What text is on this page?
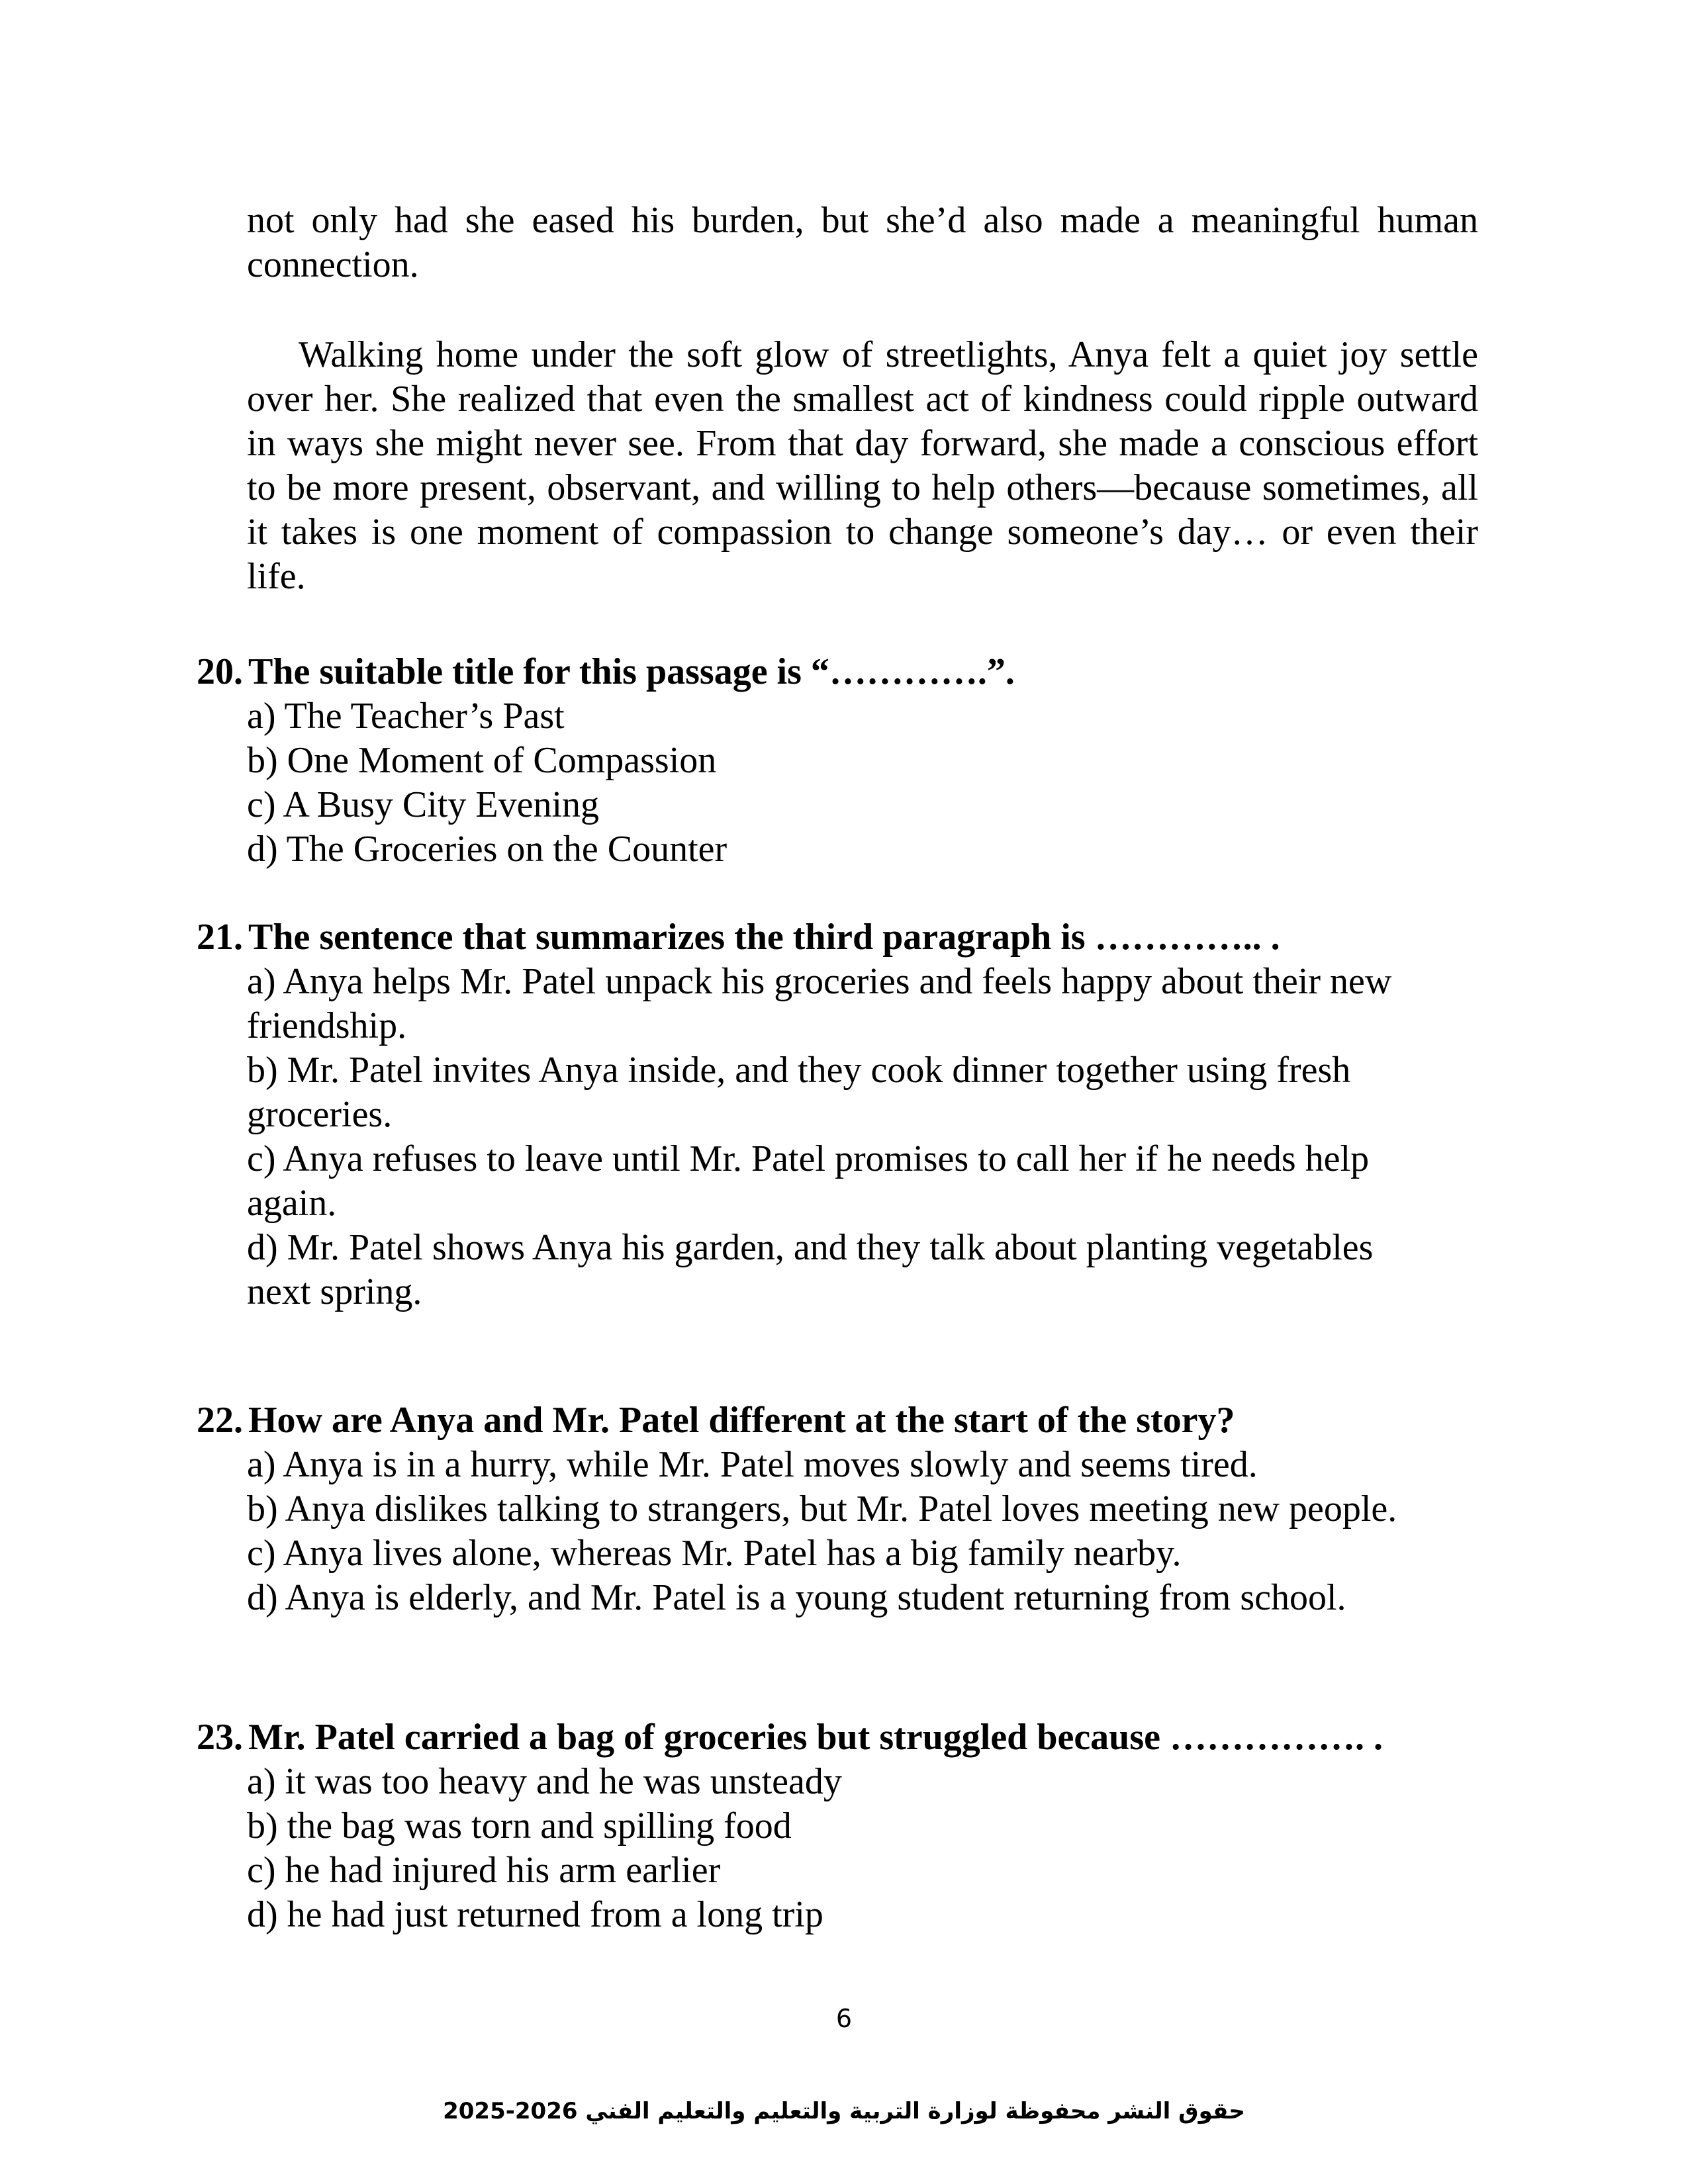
not only had she eased his burden, but she’d also made a meaningful human connection.

Walking home under the soft glow of streetlights, Anya felt a quiet joy settle over her. She realized that even the smallest act of kindness could ripple outward in ways she might never see. From that day forward, she made a conscious effort to be more present, observant, and willing to help others—because sometimes, all it takes is one moment of compassion to change someone’s day… or even their life.

20. The suitable title for this passage is “………….”.

a) The Teacher’s Past
b) One Moment of Compassion
c) A Busy City Evening
d) The Groceries on the Counter

21. The sentence that summarizes the third paragraph is ………….. .

a) Anya helps Mr. Patel unpack his groceries and feels happy about their new friendship.
b) Mr. Patel invites Anya inside, and they cook dinner together using fresh groceries.
c) Anya refuses to leave until Mr. Patel promises to call her if he needs help again.
d) Mr. Patel shows Anya his garden, and they talk about planting vegetables next spring.

22. How are Anya and Mr. Patel different at the start of the story?

a) Anya is in a hurry, while Mr. Patel moves slowly and seems tired.
b) Anya dislikes talking to strangers, but Mr. Patel loves meeting new people.
c) Anya lives alone, whereas Mr. Patel has a big family nearby.
d) Anya is elderly, and Mr. Patel is a young student returning from school.

23. Mr. Patel carried a bag of groceries but struggled because ……………. .

a) it was too heavy and he was unsteady
b) the bag was torn and spilling food
c) he had injured his arm earlier
d) he had just returned from a long trip
6
حقوق النشر محفوظة لوزارة التربية والتعليم والتعليم الفني 2026-2025
